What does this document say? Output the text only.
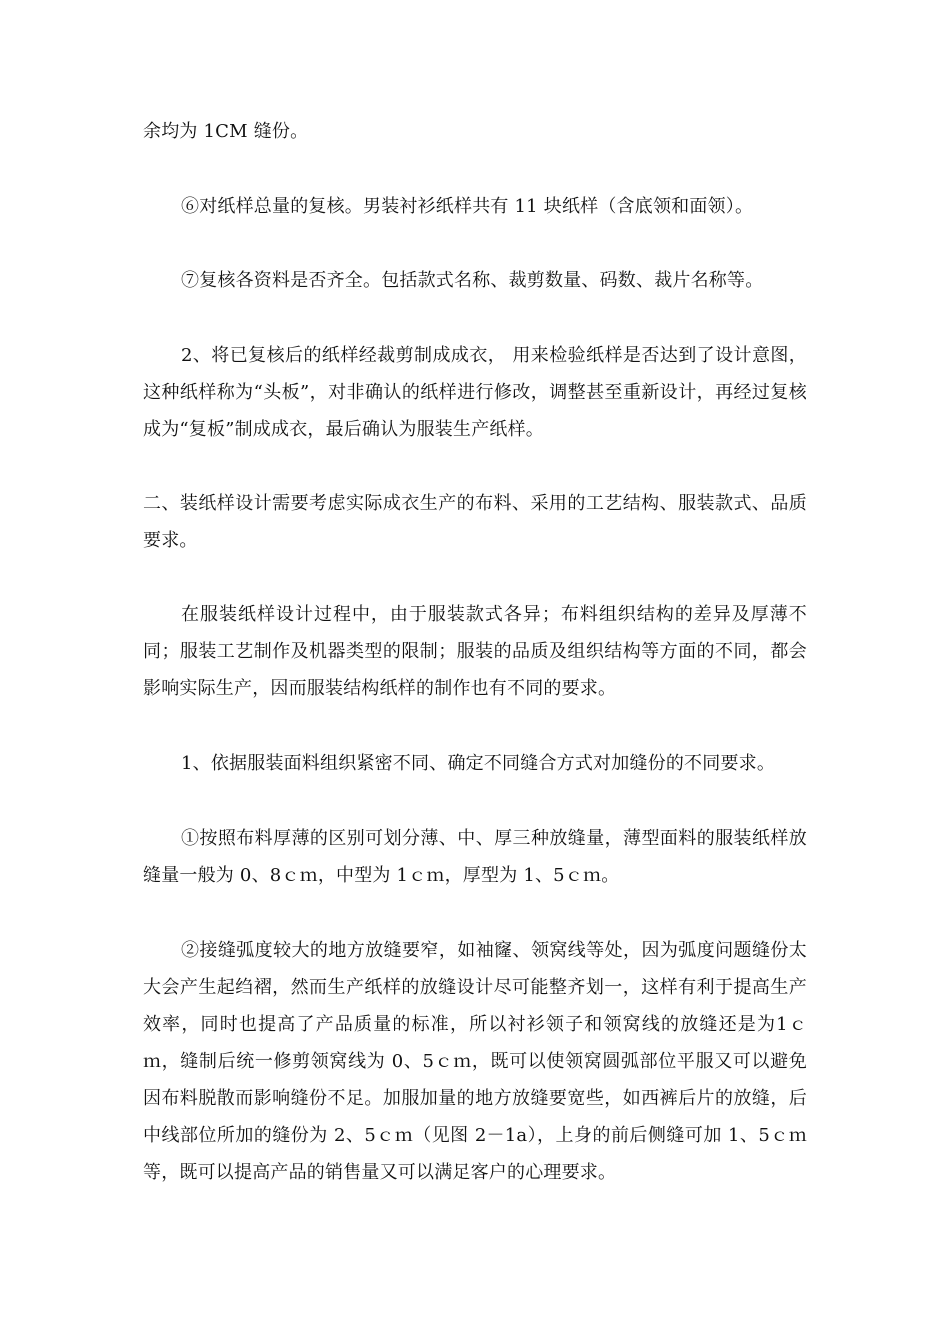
余均为 1CM 缝份。

⑥对纸样总量的复核。男装衬衫纸样共有 11 块纸样（含底领和面领）。

⑦复核各资料是否齐全。包括款式名称、裁剪数量、码数、裁片名称等。

2、将已复核后的纸样经裁剪制成成衣， 用来检验纸样是否达到了设计意图，这种纸样称为“头板”，对非确认的纸样进行修改，调整甚至重新设计，再经过复核成为“复板”制成成衣，最后确认为服装生产纸样。

二、装纸样设计需要考虑实际成衣生产的布料、采用的工艺结构、服装款式、品质要求。

在服装纸样设计过程中，由于服装款式各异；布料组织结构的差异及厚薄不同；服装工艺制作及机器类型的限制；服装的品质及组织结构等方面的不同，都会影响实际生产，因而服装结构纸样的制作也有不同的要求。

1、依据服装面料组织紧密不同、确定不同缝合方式对加缝份的不同要求。

①按照布料厚薄的区别可划分薄、中、厚三种放缝量，薄型面料的服装纸样放缝量一般为 0、8ｃｍ，中型为 1ｃｍ，厚型为 1、5ｃｍ。

②接缝弧度较大的地方放缝要窄，如袖窿、领窝线等处，因为弧度问题缝份太大会产生起绉褶，然而生产纸样的放缝设计尽可能整齐划一，这样有利于提高生产效率，同时也提高了产品质量的标准，所以衬衫领子和领窝线的放缝还是为1ｃｍ，缝制后统一修剪领窝线为 0、5ｃｍ，既可以使领窝圆弧部位平服又可以避免因布料脱散而影响缝份不足。加服加量的地方放缝要宽些，如西裤后片的放缝，后中线部位所加的缝份为 2、5ｃｍ（见图 2－1a），上身的前后侧缝可加 1、5ｃｍ等，既可以提高产品的销售量又可以满足客户的心理要求。
